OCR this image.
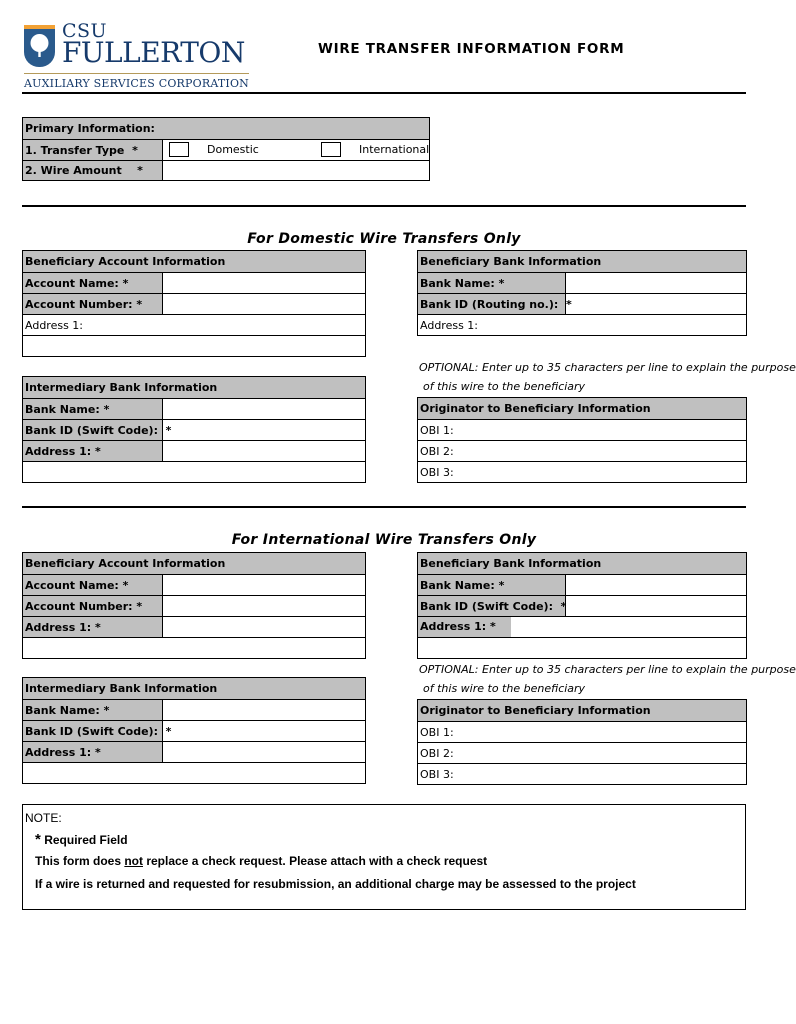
CSU
FULLERTON
AUXILIARY SERVICES CORPORATION
WIRE TRANSFER INFORMATION FORM
Primary Information:	
1. Transfer Type *	Domestic International

2. Wire Amount *	
For Domestic Wire Transfers Only
Beneficiary Account Information	
Account Name: *	
Account Number: *	
Address 1:	

Beneficiary Bank Information	
Bank Name: *	
Bank ID (Routing no.): *	
Address 1:	
OPTIONAL: Enter up to 35 characters per line to explain the purpose
of this wire to the beneficiary
Intermediary Bank Information	
Bank Name: *	
Bank ID (Swift Code): *	
Address 1: *	

Originator to Beneficiary Information
OBI 1:
OBI 2:
OBI 3:
For International Wire Transfers Only
Beneficiary Account Information	
Account Name: *	
Account Number: *	
Address 1: *	

Beneficiary Bank Information	
Bank Name: *	
Bank ID (Swift Code): *	

Address 1: *	

OPTIONAL: Enter up to 35 characters per line to explain the purpose
of this wire to the beneficiary
Intermediary Bank Information	
Bank Name: *	
Bank ID (Swift Code): *	
Address 1: *	

Originator to Beneficiary Information
OBI 1:
OBI 2:
OBI 3:
NOTE:
* Required Field
This form does not replace a check request. Please attach with a check request
If a wire is returned and requested for resubmission, an additional charge may be assessed to the project
